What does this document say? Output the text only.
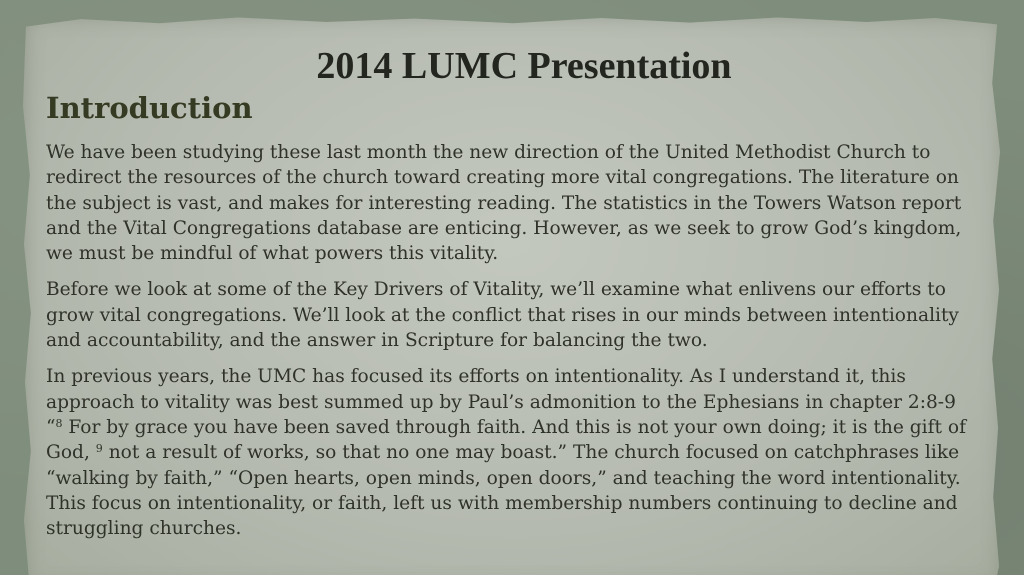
2014 LUMC Presentation
Introduction

We have been studying these last month the new direction of the United Methodist Church to redirect the resources of the church toward creating more vital congregations. The literature on the subject is vast, and makes for interesting reading. The statistics in the Towers Watson report and the Vital Congregations database are enticing. However, as we seek to grow God’s kingdom, we must be mindful of what powers this vitality.

Before we look at some of the Key Drivers of Vitality, we’ll examine what enlivens our efforts to grow vital congregations. We’ll look at the conflict that rises in our minds between intentionality and accountability, and the answer in Scripture for balancing the two.

In previous years, the UMC has focused its efforts on intentionality. As I understand it, this approach to vitality was best summed up by Paul’s admonition to the Ephesians in chapter 2:8-9 “$^8$ For by grace you have been saved through faith. And this is not your own doing; it is the gift of God, $^9$ not a result of works, so that no one may boast.” The church focused on catchphrases like “walking by faith,” “Open hearts, open minds, open doors,” and teaching the word intentionality. This focus on intentionality, or faith, left us with membership numbers continuing to decline and struggling churches.
